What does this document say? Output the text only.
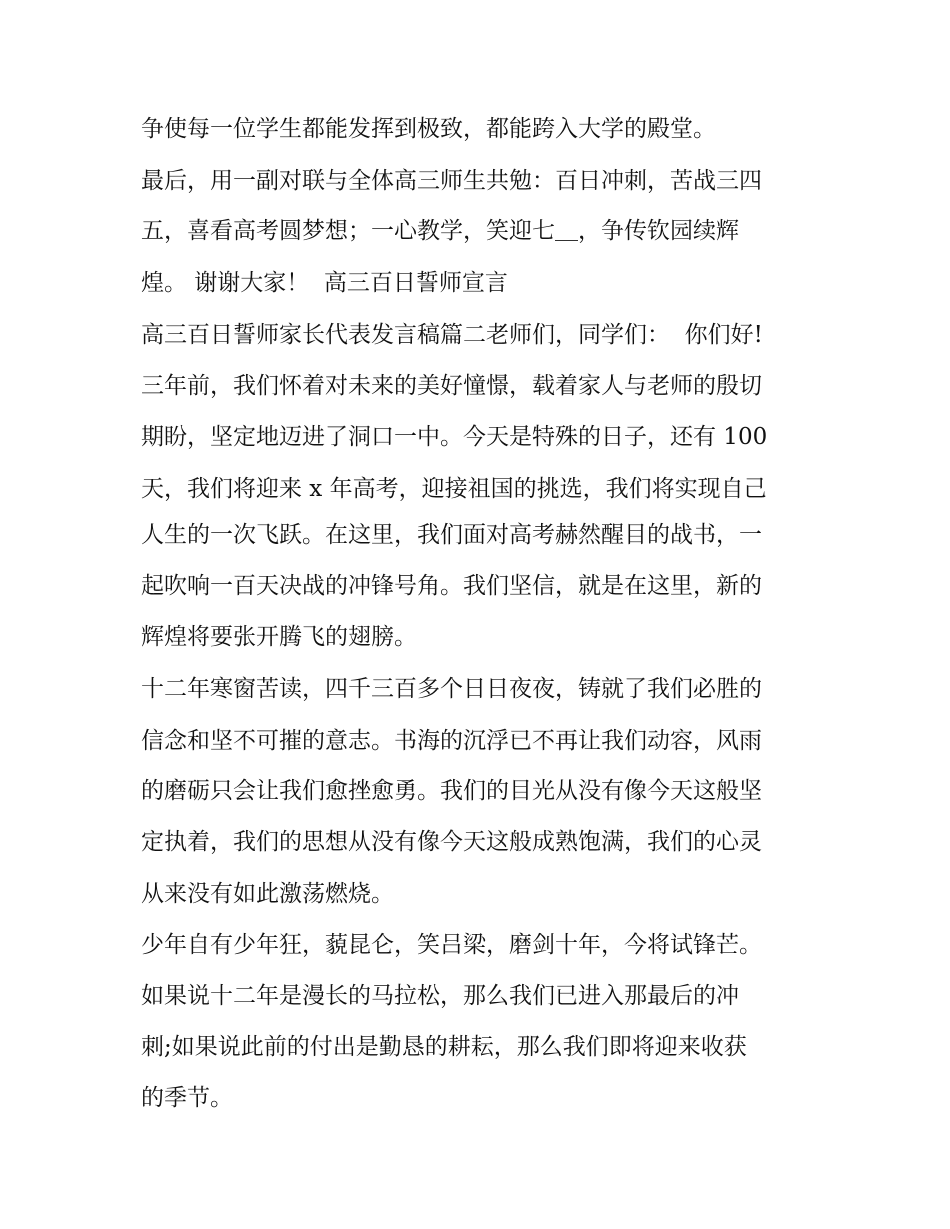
争使每一位学生都能发挥到极致，都能跨入大学的殿堂。
最后，用一副对联与全体高三师生共勉：百日冲刺，苦战三四
五，喜看高考圆梦想；一心教学，笑迎七＿，争传钦园续辉
煌。 谢谢大家！  高三百日誓师宣言
高三百日誓师家长代表发言稿篇二老师们，同学们：  你们好!
三年前，我们怀着对未来的美好憧憬，载着家人与老师的殷切
期盼，坚定地迈进了洞口一中。今天是特殊的日子，还有 100
天，我们将迎来 x 年高考，迎接祖国的挑选，我们将实现自己
人生的一次飞跃。在这里，我们面对高考赫然醒目的战书，一
起吹响一百天决战的冲锋号角。我们坚信，就是在这里，新的
辉煌将要张开腾飞的翅膀。
十二年寒窗苦读，四千三百多个日日夜夜，铸就了我们必胜的
信念和坚不可摧的意志。书海的沉浮已不再让我们动容，风雨
的磨砺只会让我们愈挫愈勇。我们的目光从没有像今天这般坚
定执着，我们的思想从没有像今天这般成熟饱满，我们的心灵
从来没有如此激荡燃烧。
少年自有少年狂，藐昆仑，笑吕梁，磨剑十年，今将试锋芒。
如果说十二年是漫长的马拉松，那么我们已进入那最后的冲
刺;如果说此前的付出是勤恳的耕耘，那么我们即将迎来收获
的季节。
